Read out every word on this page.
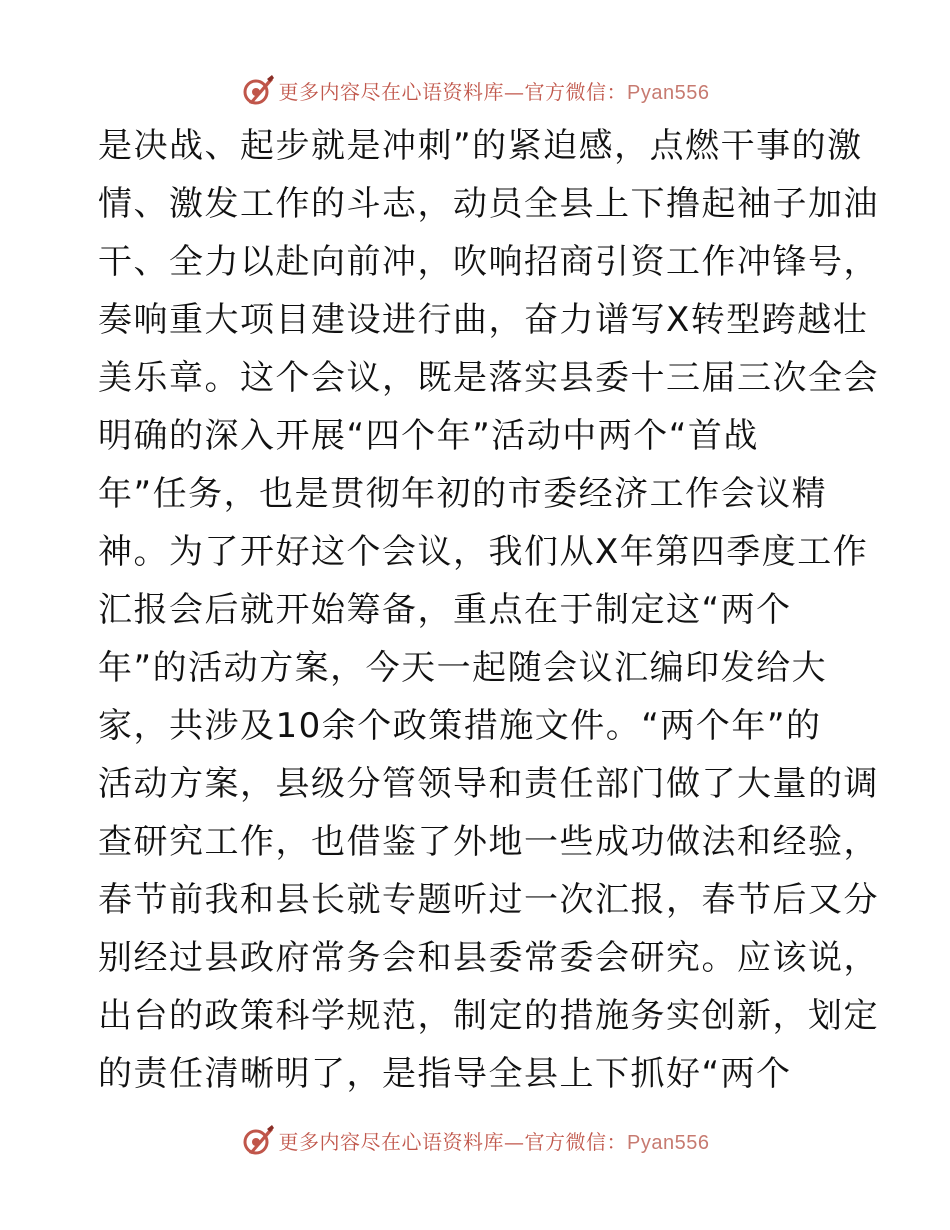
更多内容尽在心语资料库—官方微信：Pyan556
是决战、起步就是冲刺”的紧迫感，点燃干事的激
情、激发工作的斗志，动员全县上下撸起袖子加油
干、全力以赴向前冲，吹响招商引资工作冲锋号，
奏响重大项目建设进行曲，奋力谱写X转型跨越壮
美乐章。这个会议，既是落实县委十三届三次全会
明确的深入开展“四个年”活动中两个“首战
年”任务，也是贯彻年初的市委经济工作会议精
神。为了开好这个会议，我们从X年第四季度工作
汇报会后就开始筹备，重点在于制定这“两个
年”的活动方案，今天一起随会议汇编印发给大
家，共涉及10余个政策措施文件。“两个年”的
活动方案，县级分管领导和责任部门做了大量的调
查研究工作，也借鉴了外地一些成功做法和经验，
春节前我和县长就专题听过一次汇报，春节后又分
别经过县政府常务会和县委常委会研究。应该说，
出台的政策科学规范，制定的措施务实创新，划定
的责任清晰明了，是指导全县上下抓好“两个
更多内容尽在心语资料库—官方微信：Pyan556
